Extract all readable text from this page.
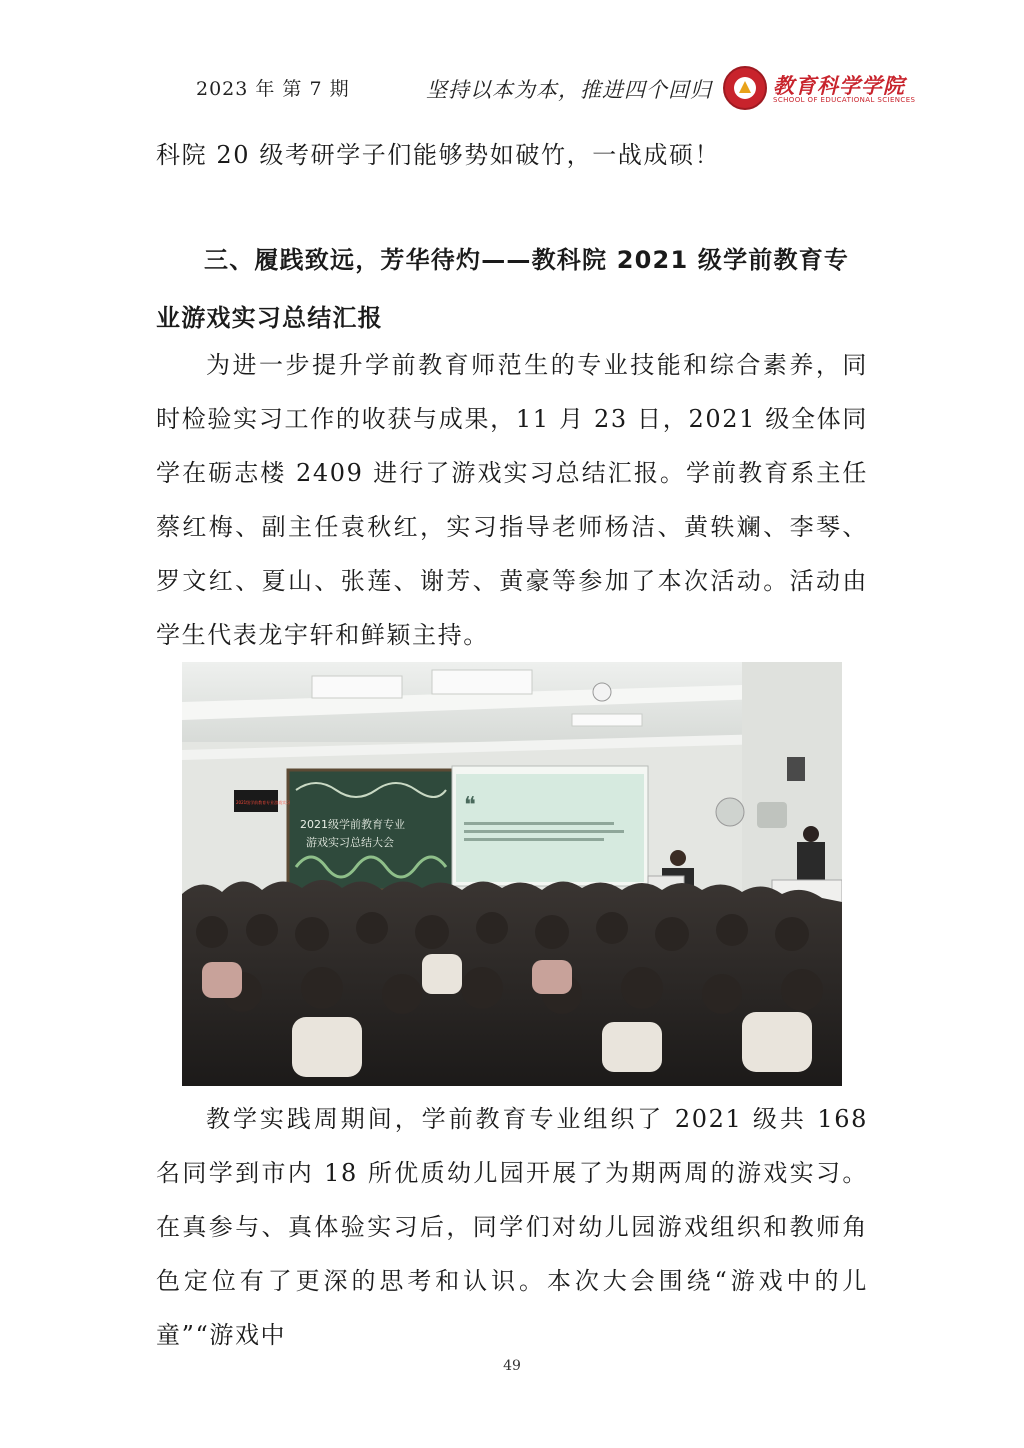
2023 年 第 7 期	坚持以本为本，推进四个回归	教育科学学院
SCHOOL OF EDUCATIONAL SCIENCES
科院 20 级考研学子们能够势如破竹，一战成硕！
三、履践致远，芳华待灼——教科院 2021 级学前教育专业游戏实习总结汇报
为进一步提升学前教育师范生的专业技能和综合素养，同时检验实习工作的收获与成果，11 月 23 日，2021 级全体同学在砺志楼 2409 进行了游戏实习总结汇报。学前教育系主任蔡红梅、副主任袁秋红，实习指导老师杨洁、黄轶斓、李琴、罗文红、夏山、张莲、谢芳、黄豪等参加了本次活动。活动由学生代表龙宇轩和鲜颖主持。
2021级学前教育专业
游戏实习总结大会
2021级学前教育专业游戏实习	❝
教学实践周期间，学前教育专业组织了 2021 级共 168 名同学到市内 18 所优质幼儿园开展了为期两周的游戏实习。在真参与、真体验实习后，同学们对幼儿园游戏组织和教师角色定位有了更深的思考和认识。本次大会围绕“游戏中的儿童”“游戏中
49
